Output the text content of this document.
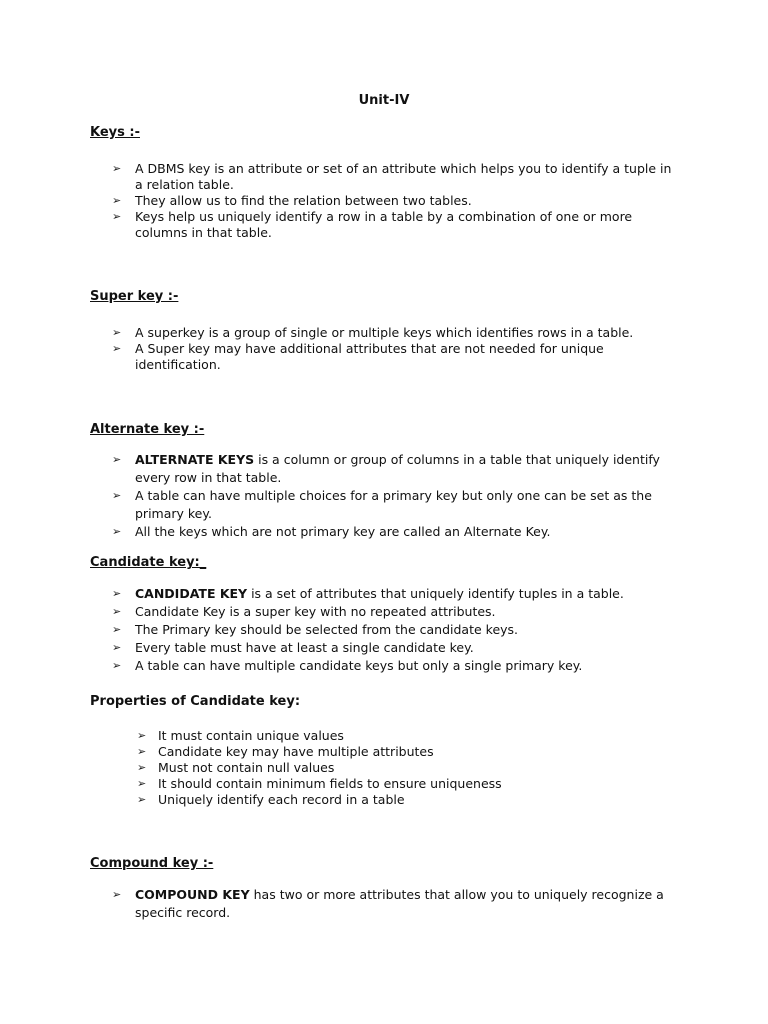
Unit-IV
Keys :-
➢ A DBMS key is an attribute or set of an attribute which helps you to identify a tuple in a relation table.
➢ They allow us to find the relation between two tables.
➢ Keys help us uniquely identify a row in a table by a combination of one or more columns in that table.
Super key :-
➢ A superkey is a group of single or multiple keys which identifies rows in a table.
➢ A Super key may have additional attributes that are not needed for unique identification.
Alternate key :-
➢ ALTERNATE KEYS is a column or group of columns in a table that uniquely identify every row in that table.
➢ A table can have multiple choices for a primary key but only one can be set as the primary key.
➢ All the keys which are not primary key are called an Alternate Key.
Candidate key:_
➢ CANDIDATE KEY is a set of attributes that uniquely identify tuples in a table.
➢ Candidate Key is a super key with no repeated attributes.
➢ The Primary key should be selected from the candidate keys.
➢ Every table must have at least a single candidate key.
➢ A table can have multiple candidate keys but only a single primary key.
Properties of Candidate key:
➢ It must contain unique values
➢ Candidate key may have multiple attributes
➢ Must not contain null values
➢ It should contain minimum fields to ensure uniqueness
➢ Uniquely identify each record in a table
Compound key :-
➢ COMPOUND KEY has two or more attributes that allow you to uniquely recognize a specific record.
